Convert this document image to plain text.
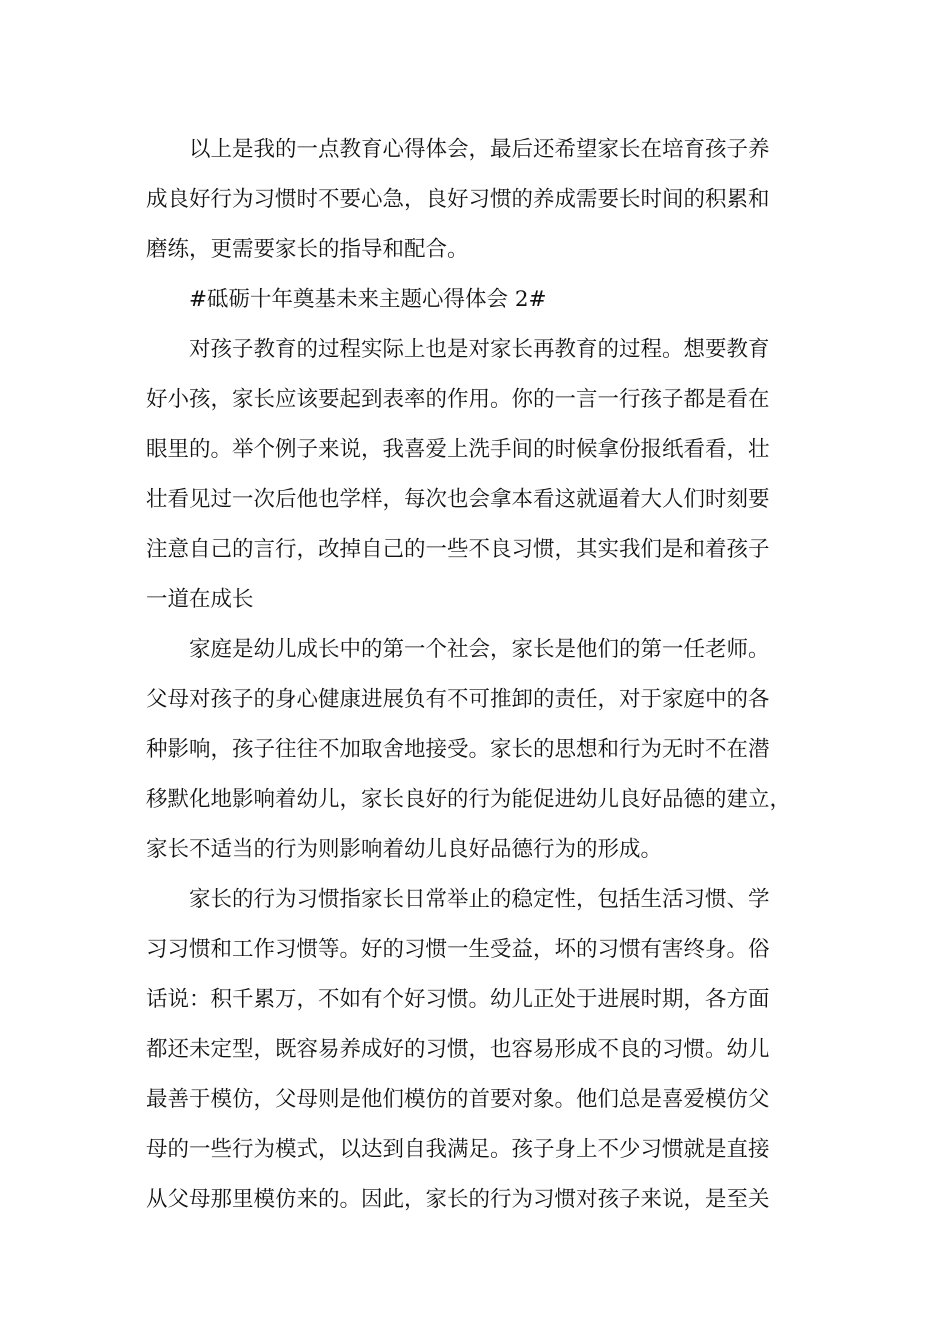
以上是我的一点教育心得体会，最后还希望家长在培育孩子养
成良好行为习惯时不要心急，良好习惯的养成需要长时间的积累和
磨练，更需要家长的指导和配合。
#砥砺十年奠基未来主题心得体会 2#
对孩子教育的过程实际上也是对家长再教育的过程。想要教育
好小孩，家长应该要起到表率的作用。你的一言一行孩子都是看在
眼里的。举个例子来说，我喜爱上洗手间的时候拿份报纸看看，壮
壮看见过一次后他也学样，每次也会拿本看这就逼着大人们时刻要
注意自己的言行，改掉自己的一些不良习惯，其实我们是和着孩子
一道在成长
家庭是幼儿成长中的第一个社会，家长是他们的第一任老师。
父母对孩子的身心健康进展负有不可推卸的责任，对于家庭中的各
种影响，孩子往往不加取舍地接受。家长的思想和行为无时不在潜
移默化地影响着幼儿，家长良好的行为能促进幼儿良好品德的建立，
家长不适当的行为则影响着幼儿良好品德行为的形成。
家长的行为习惯指家长日常举止的稳定性，包括生活习惯、学
习习惯和工作习惯等。好的习惯一生受益，坏的习惯有害终身。俗
话说：积千累万，不如有个好习惯。幼儿正处于进展时期，各方面
都还未定型，既容易养成好的习惯，也容易形成不良的习惯。幼儿
最善于模仿，父母则是他们模仿的首要对象。他们总是喜爱模仿父
母的一些行为模式，以达到自我满足。孩子身上不少习惯就是直接
从父母那里模仿来的。因此，家长的行为习惯对孩子来说，是至关
